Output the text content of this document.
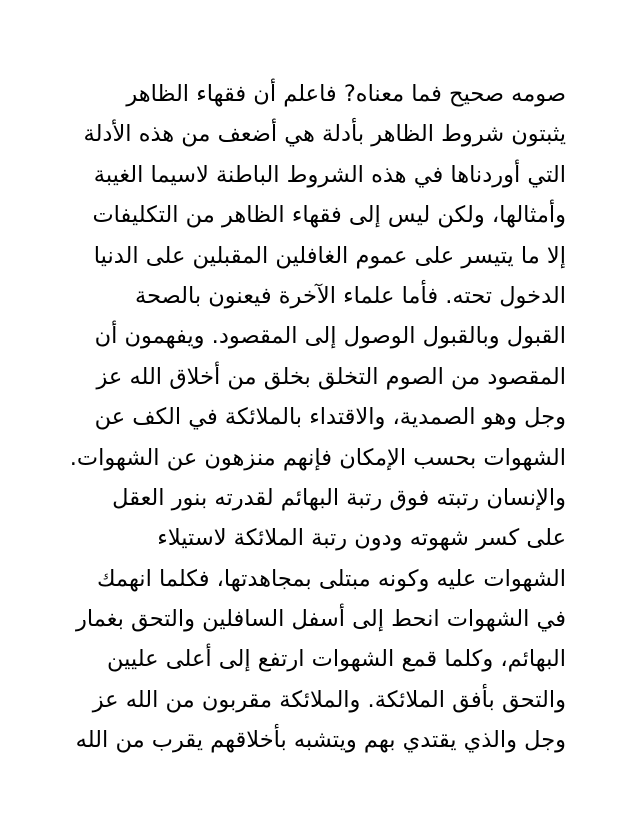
صومه صحيح فما معناه? فاعلم أن فقهاء الظاهر
يثبتون شروط الظاهر بأدلة هي أضعف من هذه الأدلة
التي أوردناها في هذه الشروط الباطنة لاسيما الغيبة
وأمثالها، ولكن ليس إلى فقهاء الظاهر من التكليفات
إلا ما يتيسر على عموم الغافلين المقبلين على الدنيا
الدخول تحته. فأما علماء الآخرة فيعنون بالصحة
القبول وبالقبول الوصول إلى المقصود. ويفهمون أن
المقصود من الصوم التخلق بخلق من أخلاق الله عز
وجل وهو الصمدية، والاقتداء بالملائكة في الكف عن
الشهوات بحسب الإمكان فإنهم منزهون عن الشهوات.
والإنسان رتبته فوق رتبة البهائم لقدرته بنور العقل
على كسر شهوته ودون رتبة الملائكة لاستيلاء
الشهوات عليه وكونه مبتلى بمجاهدتها، فكلما انهمك
في الشهوات انحط إلى أسفل السافلين والتحق بغمار
البهائم، وكلما قمع الشهوات ارتفع إلى أعلى عليين
والتحق بأفق الملائكة. والملائكة مقربون من الله عز
وجل والذي يقتدي بهم ويتشبه بأخلاقهم يقرب من الله
